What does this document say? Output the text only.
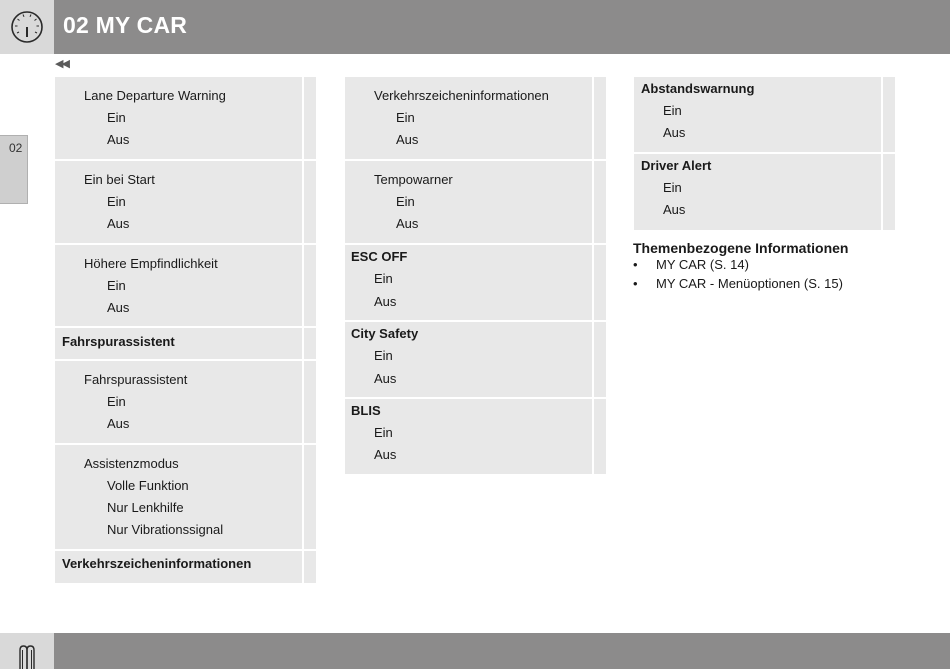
02 MY CAR
◀◀
02
Lane Departure Warning
Ein
Aus
Ein bei Start
Ein
Aus
Höhere Empfindlichkeit
Ein
Aus
Fahrspurassistent
Fahrspurassistent
Ein
Aus
Assistenzmodus
Volle Funktion
Nur Lenkhilfe
Nur Vibrationssignal
Verkehrszeicheninformationen
Verkehrszeicheninformationen
Ein
Aus
Tempowarner
Ein
Aus
ESC OFF
Ein
Aus
City Safety
Ein
Aus
BLIS
Ein
Aus
Abstandswarnung
Ein
Aus
Driver Alert
Ein
Aus
Themenbezogene Informationen
• MY CAR (S. 14)
• MY CAR - Menüoptionen (S. 15)
